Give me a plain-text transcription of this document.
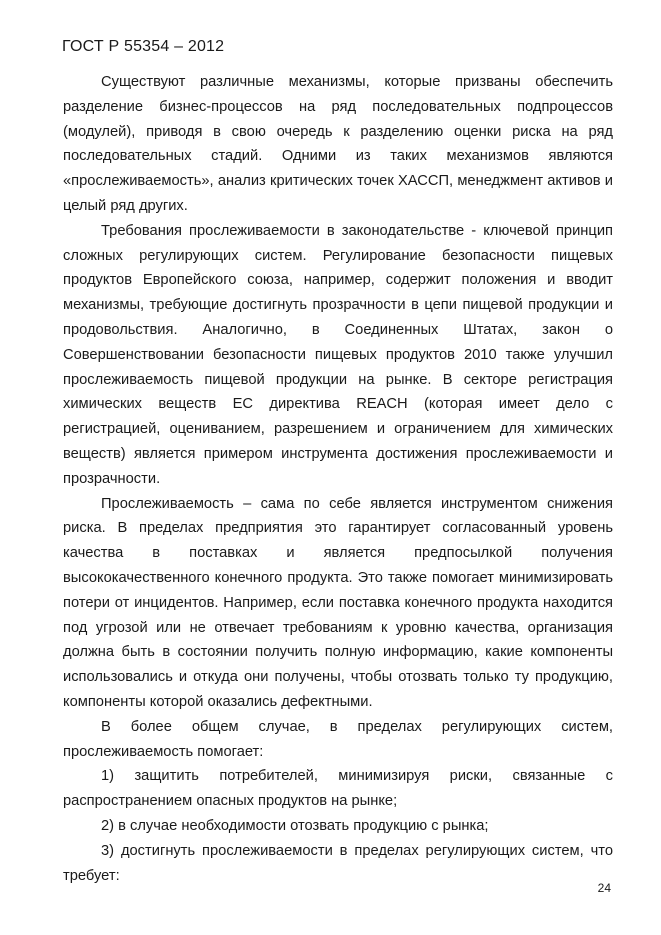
ГОСТ Р 55354 – 2012

Существуют различные механизмы, которые призваны обеспечить разделение бизнес-процессов на ряд последовательных подпроцессов (модулей), приводя в свою очередь к разделению оценки риска на ряд последовательных стадий. Одними из таких механизмов являются «прослеживаемость», анализ критических точек ХАССП, менеджмент активов и целый ряд других.

Требования прослеживаемости в законодательстве - ключевой принцип сложных регулирующих систем. Регулирование безопасности пищевых продуктов Европейского союза, например, содержит положения и вводит механизмы, требующие достигнуть прозрачности в цепи пищевой продукции и продовольствия. Аналогично, в Соединенных Штатах, закон о Совершенствовании безопасности пищевых продуктов 2010 также улучшил прослеживаемость пищевой продукции на рынке. В секторе регистрация химических веществ ЕС директива REACH (которая имеет дело с регистрацией, оцениванием, разрешением и ограничением для химических веществ) является примером инструмента достижения прослеживаемости и прозрачности.

Прослеживаемость – сама по себе является инструментом снижения риска. В пределах предприятия это гарантирует согласованный уровень качества в поставках и является предпосылкой получения высококачественного конечного продукта. Это также помогает минимизировать потери от инцидентов. Например, если поставка конечного продукта находится под угрозой или не отвечает требованиям к уровню качества, организация должна быть в состоянии получить полную информацию, какие компоненты использовались и откуда они получены, чтобы отозвать только ту продукцию, компоненты которой оказались дефектными.

В более общем случае, в пределах регулирующих систем, прослеживаемость помогает:

1) защитить потребителей, минимизируя риски, связанные с распространением опасных продуктов на рынке;

2) в случае необходимости отозвать продукцию с рынка;

3) достигнуть прослеживаемости в пределах регулирующих систем, что требует:

24
